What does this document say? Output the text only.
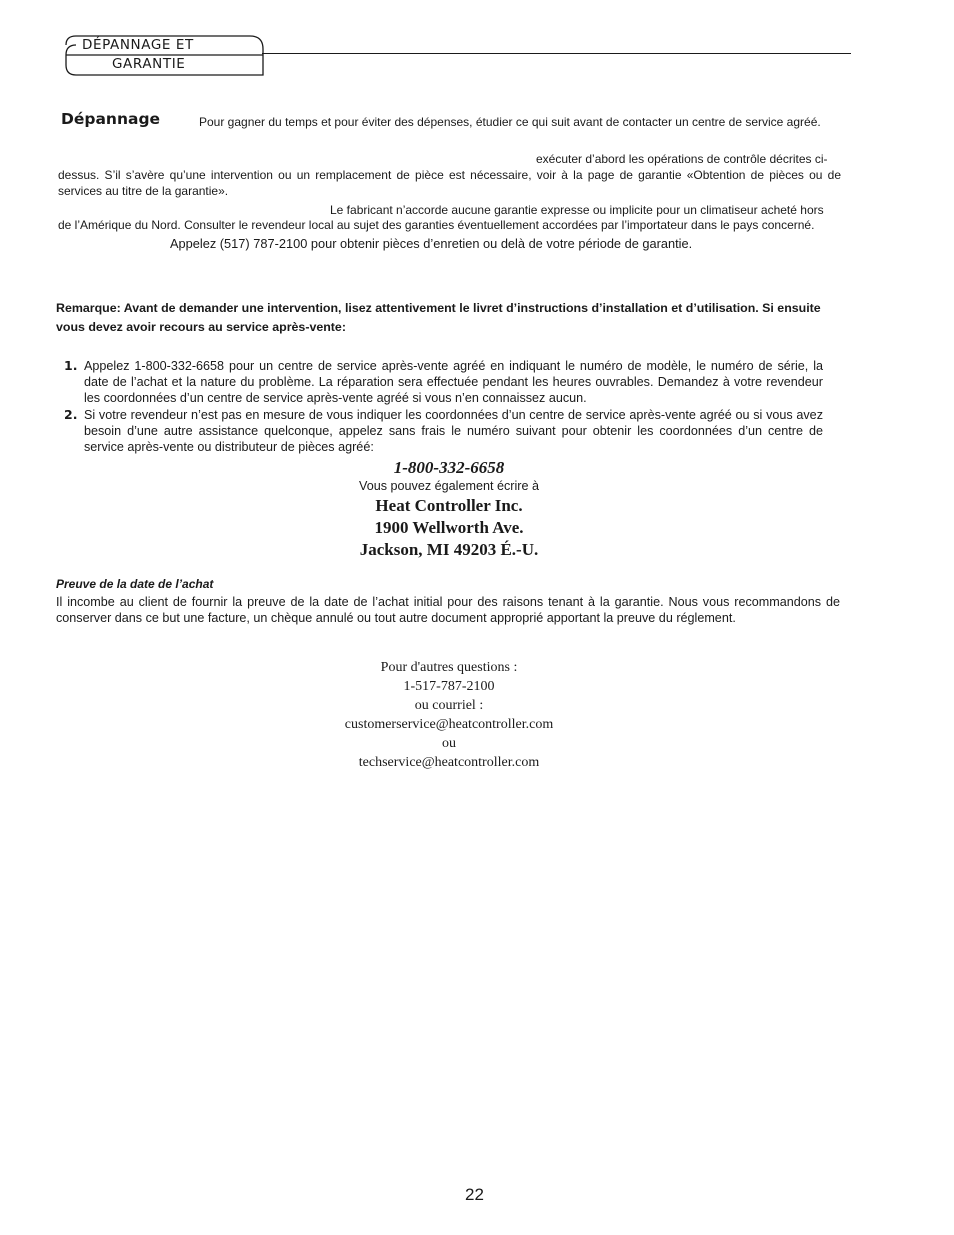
DÉPANNAGE ET
GARANTIE
Dépannage	Pour gagner du temps et pour éviter des dépenses, étudier ce qui suit avant de contacter un centre de service agréé.
exécuter d’abord les opérations de contrôle décrites ci-
dessus. S’il s’avère qu’une intervention ou un remplacement de pièce est nécessaire, voir à la page de garantie «Obtention de pièces ou de services au titre de la garantie».
Le fabricant n’accorde aucune garantie expresse ou implicite pour un climatiseur acheté hors
de l’Amérique du Nord. Consulter le revendeur local au sujet des garanties éventuellement accordées par l’importateur dans le pays concerné.
Appelez (517) 787-2100 pour obtenir pièces d’enretien ou delà de votre période de garantie.
Remarque: Avant de demander une intervention, lisez attentivement le livret d’instructions d’installation et d’utilisation. Si ensuite vous devez avoir recours au service après-vente:
1. Appelez 1-800-332-6658 pour un centre de service après-vente agréé en indiquant le numéro de modèle, le numéro de série, la date de l’achat et la nature du problème. La réparation sera effectuée pendant les heures ouvrables. Demandez à votre revendeur les coordonnées d’un centre de service après-vente agréé si vous n’en connaissez aucun.
2. Si votre revendeur n’est pas en mesure de vous indiquer les coordonnées d’un centre de service après-vente agréé ou si vous avez besoin d’une autre assistance quelconque, appelez sans frais le numéro suivant pour obtenir les coordonnées d’un centre de service après-vente ou distributeur de pièces agréé:
1-800-332-6658
Vous pouvez également écrire à
Heat Controller Inc.
1900 Wellworth Ave.
Jackson, MI 49203 É.-U.
Preuve de la date de l’achat
Il incombe au client de fournir la preuve de la date de l’achat initial pour des raisons tenant à la garantie. Nous vous recommandons de conserver dans ce but une facture, un chèque annulé ou tout autre document approprié apportant la preuve du réglement.
Pour d'autres questions :
1-517-787-2100
ou courriel :
customerservice@heatcontroller.com
ou
techservice@heatcontroller.com
22
